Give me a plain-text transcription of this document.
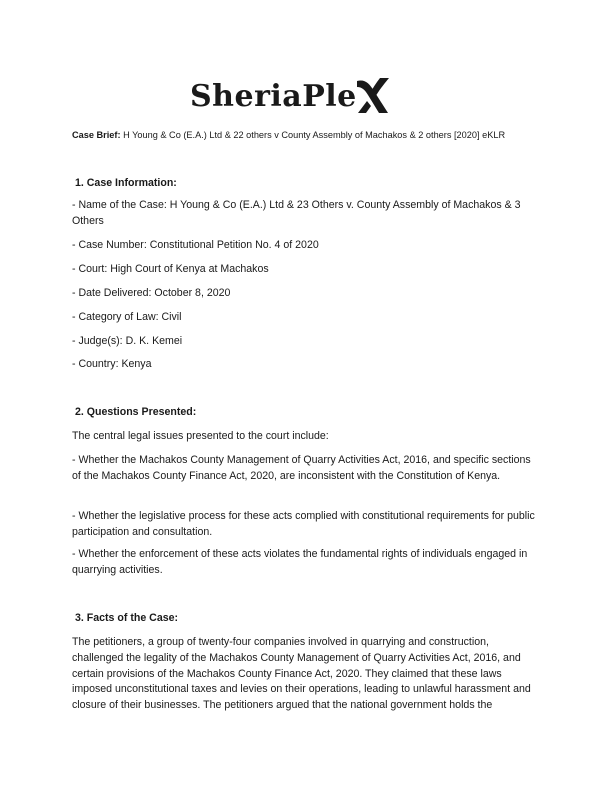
SheriaPle
Case Brief: H Young & Co (E.A.) Ltd & 22 others v County Assembly of Machakos & 2 others [2020] eKLR
1. Case Information:
- Name of the Case: H Young & Co (E.A.) Ltd & 23 Others v. County Assembly of Machakos & 3 Others
- Case Number: Constitutional Petition No. 4 of 2020
- Court: High Court of Kenya at Machakos
- Date Delivered: October 8, 2020
- Category of Law: Civil
- Judge(s): D. K. Kemei
- Country: Kenya
2. Questions Presented:
The central legal issues presented to the court include:
- Whether the Machakos County Management of Quarry Activities Act, 2016, and specific sections of the Machakos County Finance Act, 2020, are inconsistent with the Constitution of Kenya.
- Whether the legislative process for these acts complied with constitutional requirements for public participation and consultation.
- Whether the enforcement of these acts violates the fundamental rights of individuals engaged in quarrying activities.
3. Facts of the Case:
The petitioners, a group of twenty-four companies involved in quarrying and construction, challenged the legality of the Machakos County Management of Quarry Activities Act, 2016, and certain provisions of the Machakos County Finance Act, 2020. They claimed that these laws imposed unconstitutional taxes and levies on their operations, leading to unlawful harassment and closure of their businesses. The petitioners argued that the national government holds the
